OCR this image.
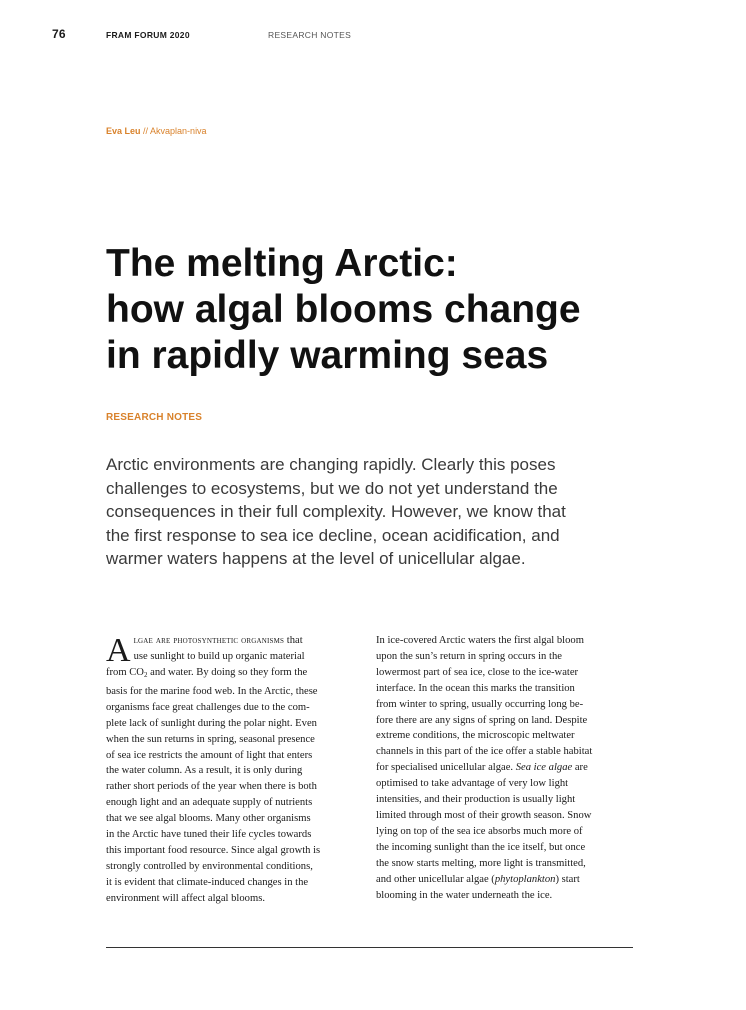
76	FRAM FORUM 2020	RESEARCH NOTES
Eva Leu // Akvaplan-niva
The melting Arctic:
how algal blooms change
in rapidly warming seas
RESEARCH NOTES
Arctic environments are changing rapidly. Clearly this poses
challenges to ecosystems, but we do not yet understand the
consequences in their full complexity. However, we know that
the first response to sea ice decline, ocean acidification, and
warmer waters happens at the level of unicellular algae.
A lgae are photosynthetic organisms that
use sunlight to build up organic material
from $CO_2$ and water. By doing so they form the
basis for the marine food web. In the Arctic, these
organisms face great challenges due to the com-
plete lack of sunlight during the polar night. Even
when the sun returns in spring, seasonal presence
of sea ice restricts the amount of light that enters
the water column. As a result, it is only during
rather short periods of the year when there is both
enough light and an adequate supply of nutrients
that we see algal blooms. Many other organisms
in the Arctic have tuned their life cycles towards
this important food resource. Since algal growth is
strongly controlled by environmental conditions,
it is evident that climate-induced changes in the
environment will affect algal blooms.
In ice-covered Arctic waters the first algal bloom
upon the sun’s return in spring occurs in the
lowermost part of sea ice, close to the ice-water
interface. In the ocean this marks the transition
from winter to spring, usually occurring long be-
fore there are any signs of spring on land. Despite
extreme conditions, the microscopic meltwater
channels in this part of the ice offer a stable habitat
for specialised unicellular algae. Sea ice algae are
optimised to take advantage of very low light
intensities, and their production is usually light
limited through most of their growth season. Snow
lying on top of the sea ice absorbs much more of
the incoming sunlight than the ice itself, but once
the snow starts melting, more light is transmitted,
and other unicellular algae (phytoplankton) start
blooming in the water underneath the ice.
